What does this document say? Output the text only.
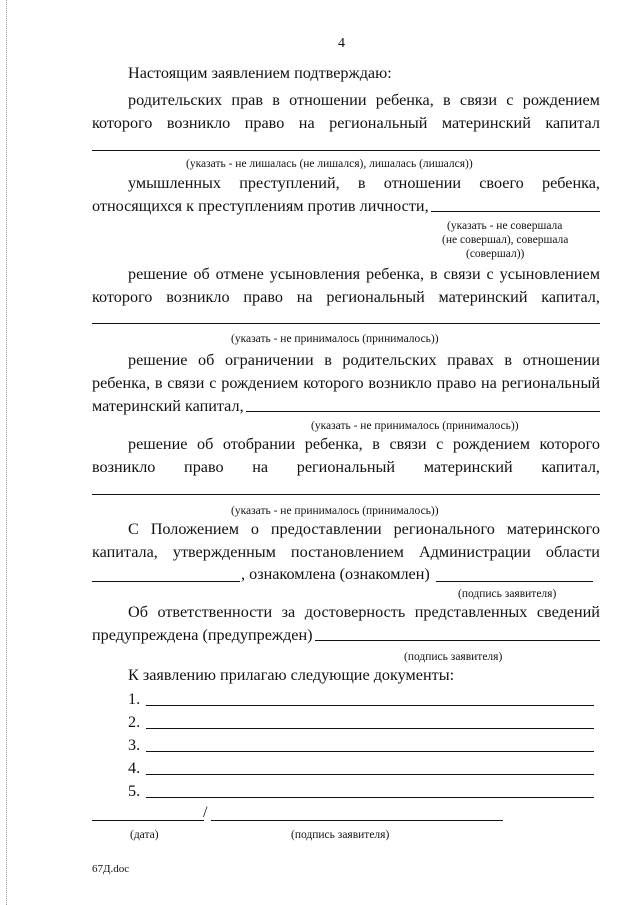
4
Настоящим заявлением подтверждаю:
родительских прав в отношении ребенка, в связи с рождением
которого возникло право на региональный материнский капитал
(указать - не лишалась (не лишался), лишалась (лишался))
умышленных преступлений, в отношении своего ребенка,
относящихся к преступлениям против личности,
(указать - не совершала
(не совершал), совершала
(совершал))
решение об отмене усыновления ребенка, в связи с усыновлением
которого возникло право на региональный материнский капитал,
(указать - не принималось (принималось))
решение об ограничении в родительских правах в отношении
ребенка, в связи с рождением которого возникло право на региональный
материнский капитал,
(указать - не принималось (принималось))
решение об отобрании ребенка, в связи с рождением которого
возникло право на региональный материнский капитал,
(указать - не принималось (принималось))
С Положением о предоставлении регионального материнского
капитала, утвержденным постановлением Администрации области
, ознакомлена (ознакомлен)
(подпись заявителя)
Об ответственности за достоверность представленных сведений
предупреждена (предупрежден)
(подпись заявителя)
К заявлению прилагаю следующие документы:
1.
2.
3.
4.
5.
/
(дата)	(подпись заявителя)
67Д.doc
